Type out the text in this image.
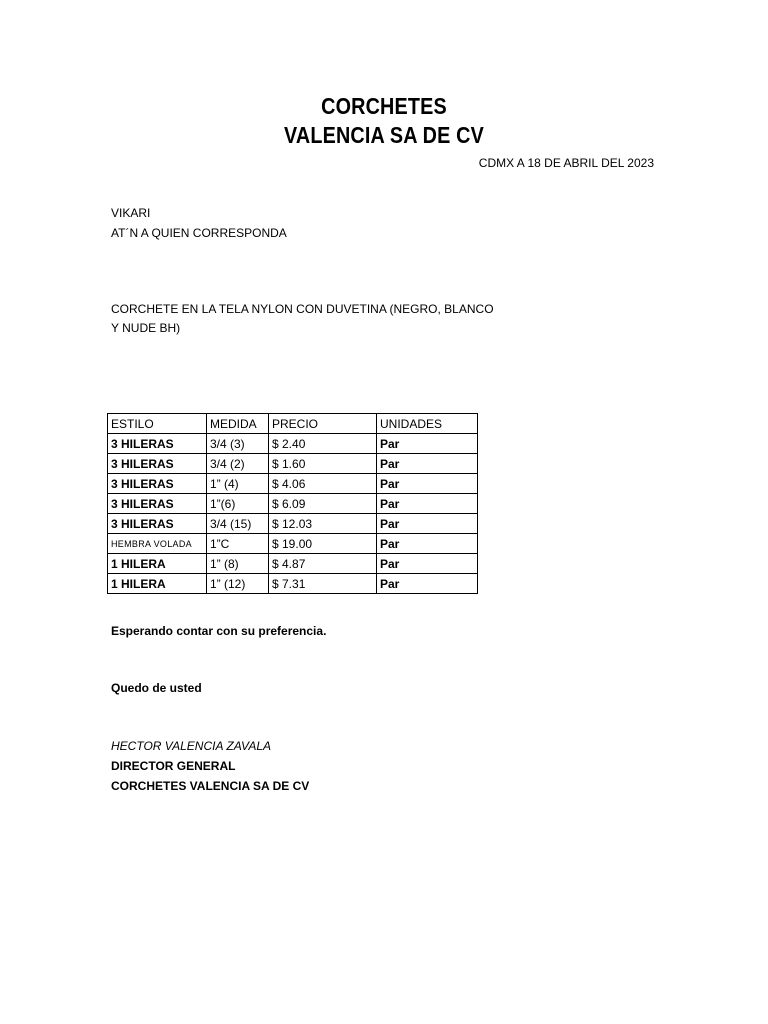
CORCHETES
VALENCIA SA DE CV
CDMX A 18 DE ABRIL DEL 2023
VIKARI
AT´N A QUIEN CORRESPONDA
CORCHETE EN LA TELA NYLON CON DUVETINA (NEGRO, BLANCO Y NUDE BH)
ESTILO	MEDIDA	PRECIO	UNIDADES
3 HILERAS	3/4 (3)	$ 2.40	Par
3 HILERAS	3/4 (2)	$ 1.60	Par
3 HILERAS	1” (4)	$ 4.06	Par
3 HILERAS	1”(6)	$ 6.09	Par
3 HILERAS	3/4 (15)	$ 12.03	Par
HEMBRA VOLADA	1”C	$ 19.00	Par
1 HILERA	1” (8)	$ 4.87	Par
1 HILERA	1” (12)	$ 7.31	Par
Esperando contar con su preferencia.
Quedo de usted
HECTOR VALENCIA ZAVALA
DIRECTOR GENERAL
CORCHETES VALENCIA SA DE CV
